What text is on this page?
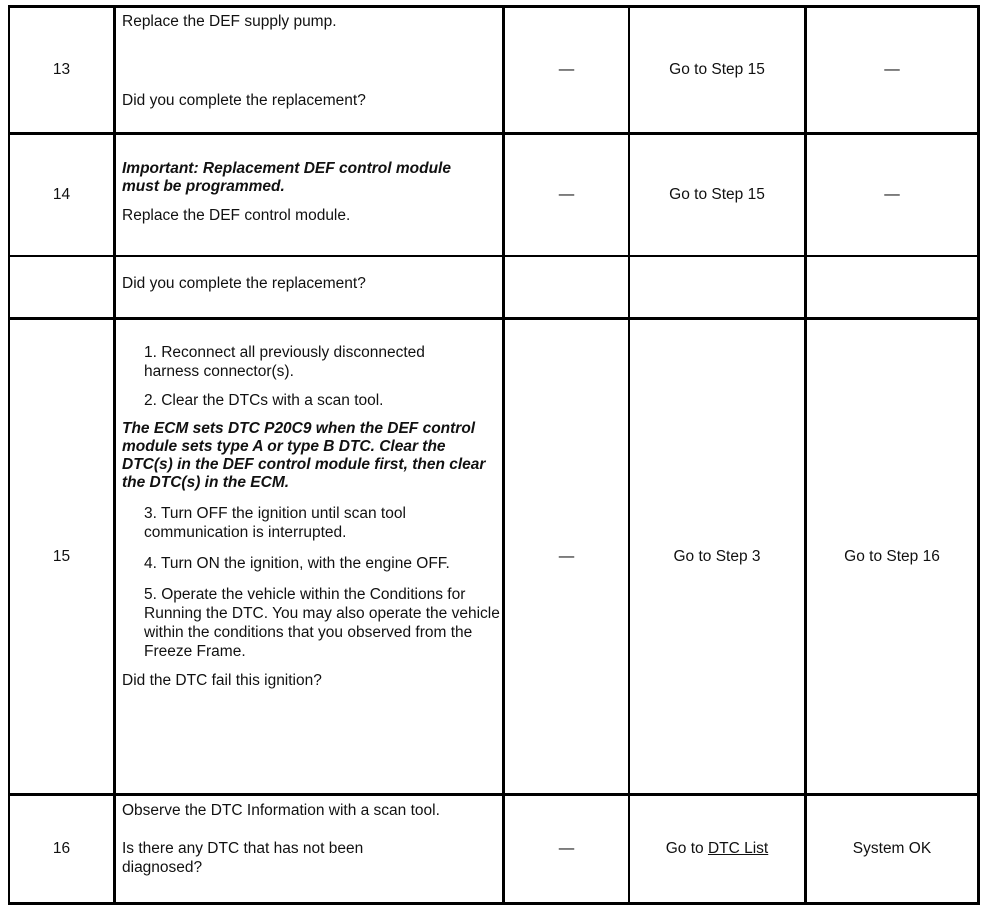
13

Replace the DEF supply pump.

Did you complete the replacement?

—	Go to Step 15	—
14

Important: Replacement DEF control module must be programmed.

Replace the DEF control module.

—	Go to Step 15	—

Did you complete the replacement?

15

1. Reconnect all previously disconnected harness connector(s).

2. Clear the DTCs with a scan tool.

The ECM sets DTC P20C9 when the DEF control module sets type A or type B DTC. Clear the DTC(s) in the DEF control module first, then clear the DTC(s) in the ECM.

3. Turn OFF the ignition until scan tool communication is interrupted.

4. Turn ON the ignition, with the engine OFF.

5. Operate the vehicle within the Conditions for Running the DTC. You may also operate the vehicle within the conditions that you observed from the Freeze Frame.

Did the DTC fail this ignition?

—	Go to Step 3	Go to Step 16
16

Observe the DTC Information with a scan tool.

Is there any DTC that has not been diagnosed?

—	Go to DTC List	System OK
